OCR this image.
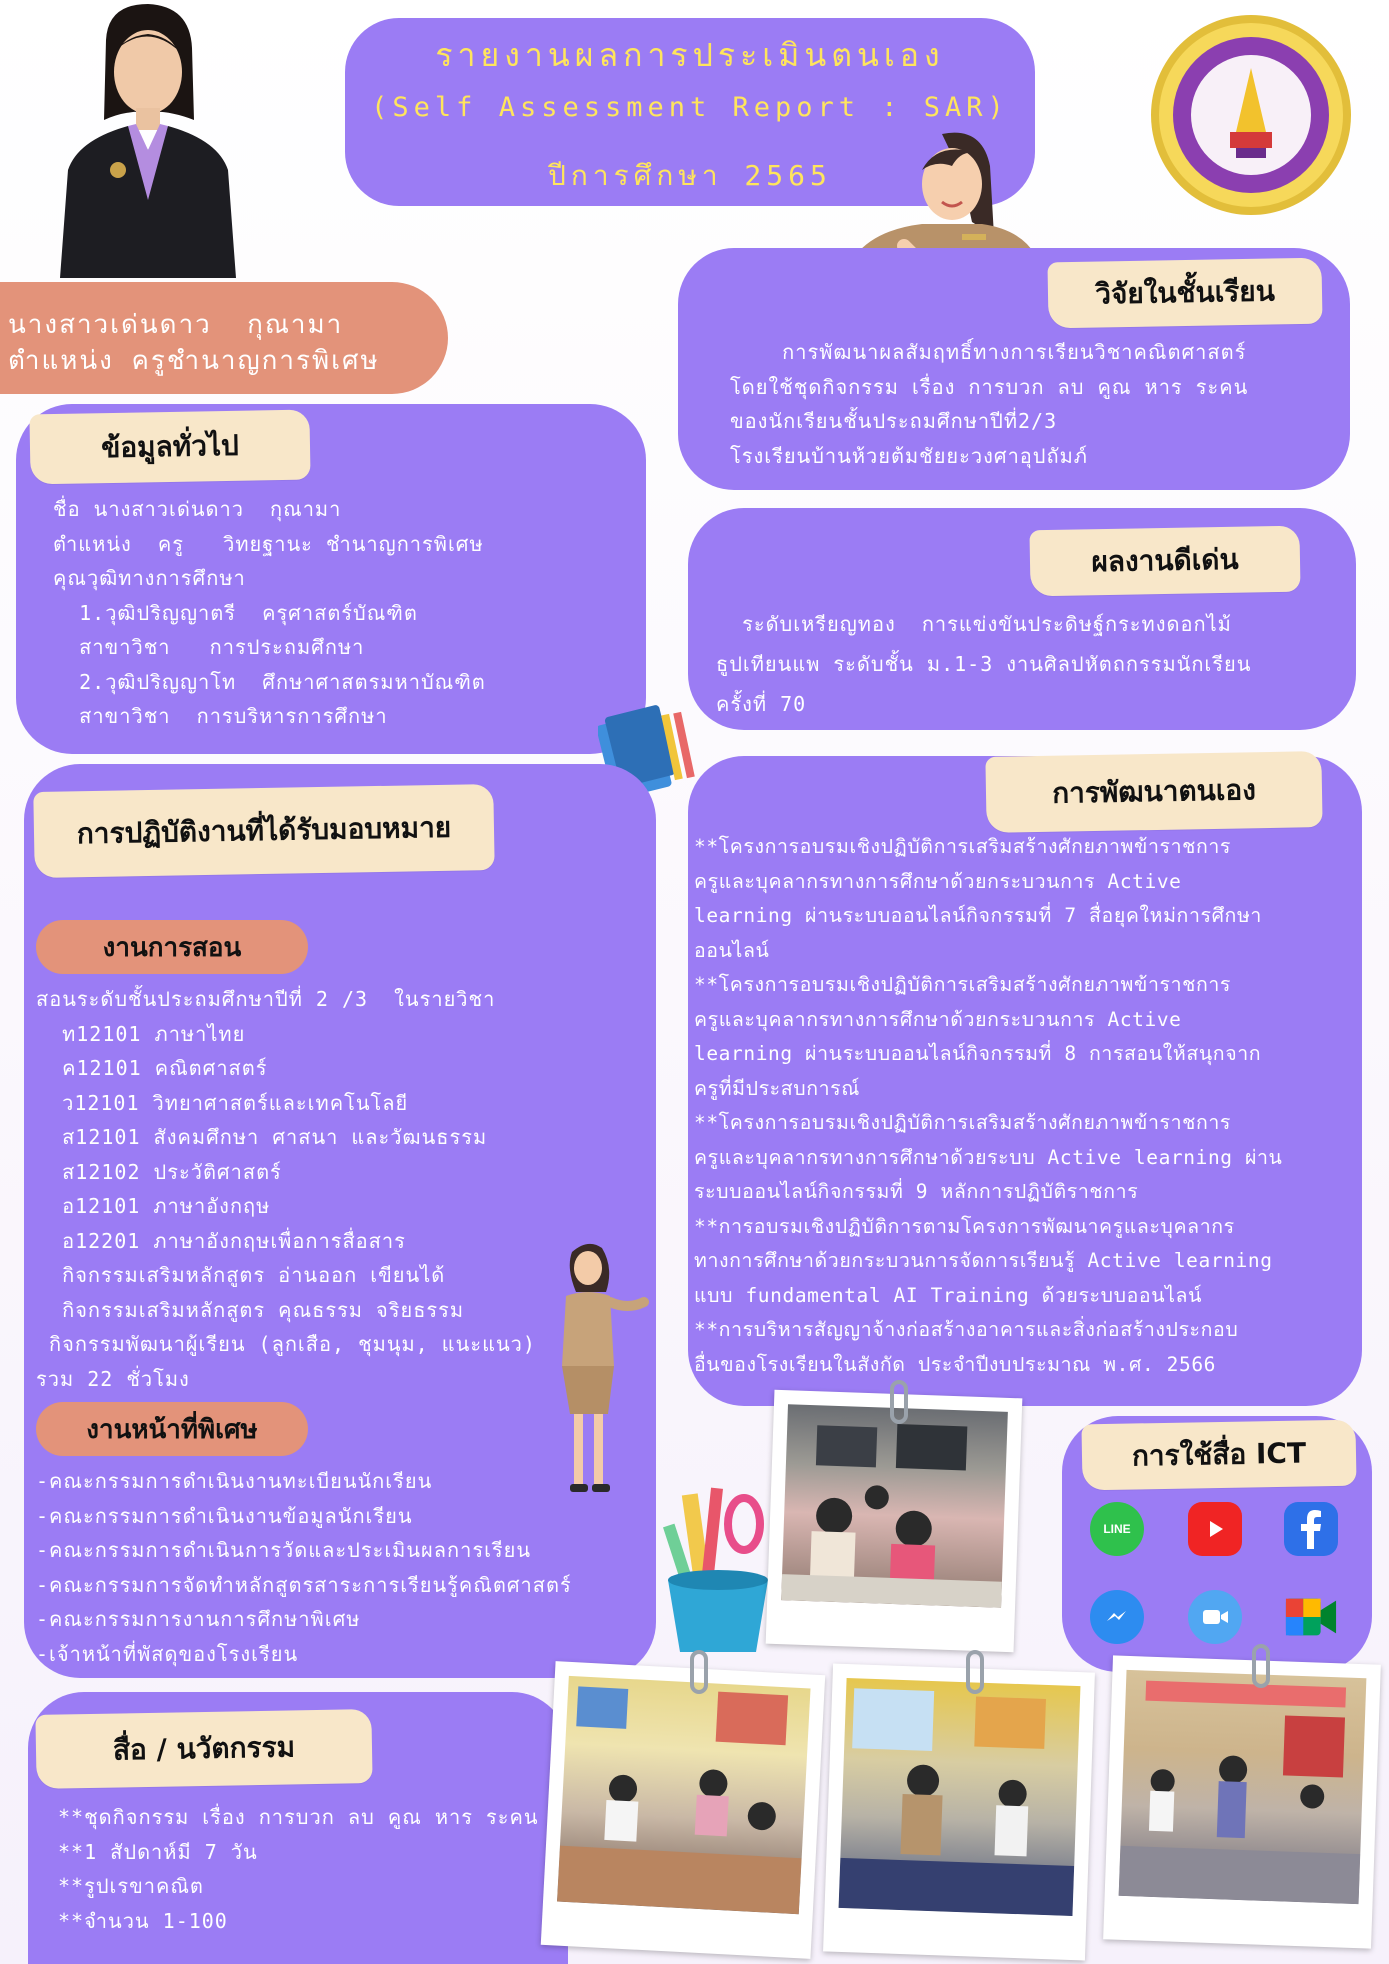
รายงานผลการประเมินตนเอง
(Self Assessment Report : SAR)
ปีการศึกษา 2565
นางสาวเด่นดาว  กุณามา
ตำแหน่ง ครูชำนาญการพิเศษ
ข้อมูลทั่วไป
ชื่อ นางสาวเด่นดาว  กุณามา
ตำแหน่ง  ครู   วิทยฐานะ ชำนาญการพิเศษ
คุณวุฒิทางการศึกษา
1.วุฒิปริญญาตรี  ครุศาสตร์บัณฑิต
สาขาวิชา   การประถมศึกษา
2.วุฒิปริญญาโท  ศึกษาศาสตรมหาบัณฑิต
สาขาวิชา  การบริหารการศึกษา
วิจัยในชั้นเรียน
การพัฒนาผลสัมฤทธิ์ทางการเรียนวิชาคณิตศาสตร์
โดยใช้ชุดกิจกรรม เรื่อง การบวก ลบ คูณ หาร ระคน
ของนักเรียนชั้นประถมศึกษาปีที่2/3
โรงเรียนบ้านห้วยต้มชัยยะวงศาอุปถัมภ์
ผลงานดีเด่น
ระดับเหรียญทอง  การแข่งขันประดิษฐ์กระทงดอกไม้
ธูปเทียนแพ ระดับชั้น ม.1-3 งานศิลปหัตถกรรมนักเรียน
ครั้งที่ 70
การปฏิบัติงานที่ได้รับมอบหมาย
งานการสอน
สอนระดับชั้นประถมศึกษาปีที่ 2 /3  ในรายวิชา
ท12101 ภาษาไทย
ค12101 คณิตศาสตร์
ว12101 วิทยาศาสตร์และเทคโนโลยี
ส12101 สังคมศึกษา ศาสนา และวัฒนธรรม
ส12102 ประวัติศาสตร์
อ12101 ภาษาอังกฤษ
อ12201 ภาษาอังกฤษเพื่อการสื่อสาร
กิจกรรมเสริมหลักสูตร อ่านออก เขียนได้
กิจกรรมเสริมหลักสูตร คุณธรรม จริยธรรม
กิจกรรมพัฒนาผู้เรียน (ลูกเสือ, ชุมนุม, แนะแนว)
รวม 22 ชั่วโมง
งานหน้าที่พิเศษ
-คณะกรรมการดำเนินงานทะเบียนนักเรียน
-คณะกรรมการดำเนินงานข้อมูลนักเรียน
-คณะกรรมการดำเนินการวัดและประเมินผลการเรียน
-คณะกรรมการจัดทำหลักสูตรสาระการเรียนรู้คณิตศาสตร์
-คณะกรรมการงานการศึกษาพิเศษ
-เจ้าหน้าที่พัสดุของโรงเรียน
การพัฒนาตนเอง
**โครงการอบรมเชิงปฏิบัติการเสริมสร้างศักยภาพข้าราชการ
ครูและบุคลากรทางการศึกษาด้วยกระบวนการ Active
learning ผ่านระบบออนไลน์กิจกรรมที่ 7 สื่อยุคใหม่การศึกษา
ออนไลน์
**โครงการอบรมเชิงปฏิบัติการเสริมสร้างศักยภาพข้าราชการ
ครูและบุคลากรทางการศึกษาด้วยกระบวนการ Active
learning ผ่านระบบออนไลน์กิจกรรมที่ 8 การสอนให้สนุกจาก
ครูที่มีประสบการณ์
**โครงการอบรมเชิงปฏิบัติการเสริมสร้างศักยภาพข้าราชการ
ครูและบุคลากรทางการศึกษาด้วยระบบ Active learning ผ่าน
ระบบออนไลน์กิจกรรมที่ 9 หลักการปฏิบัติราชการ
**การอบรมเชิงปฏิบัติการตามโครงการพัฒนาครูและบุคลากร
ทางการศึกษาด้วยกระบวนการจัดการเรียนรู้ Active learning
แบบ fundamental AI Training ด้วยระบบออนไลน์
**การบริหารสัญญาจ้างก่อสร้างอาคารและสิ่งก่อสร้างประกอบ
อื่นของโรงเรียนในสังกัด ประจำปีงบประมาณ พ.ศ. 2566
การใช้สื่อ ICT
LINE
สื่อ / นวัตกรรม
**ชุดกิจกรรม เรื่อง การบวก ลบ คูณ หาร ระคน
**1 สัปดาห์มี 7 วัน
**รูปเรขาคณิต
**จำนวน 1-100
